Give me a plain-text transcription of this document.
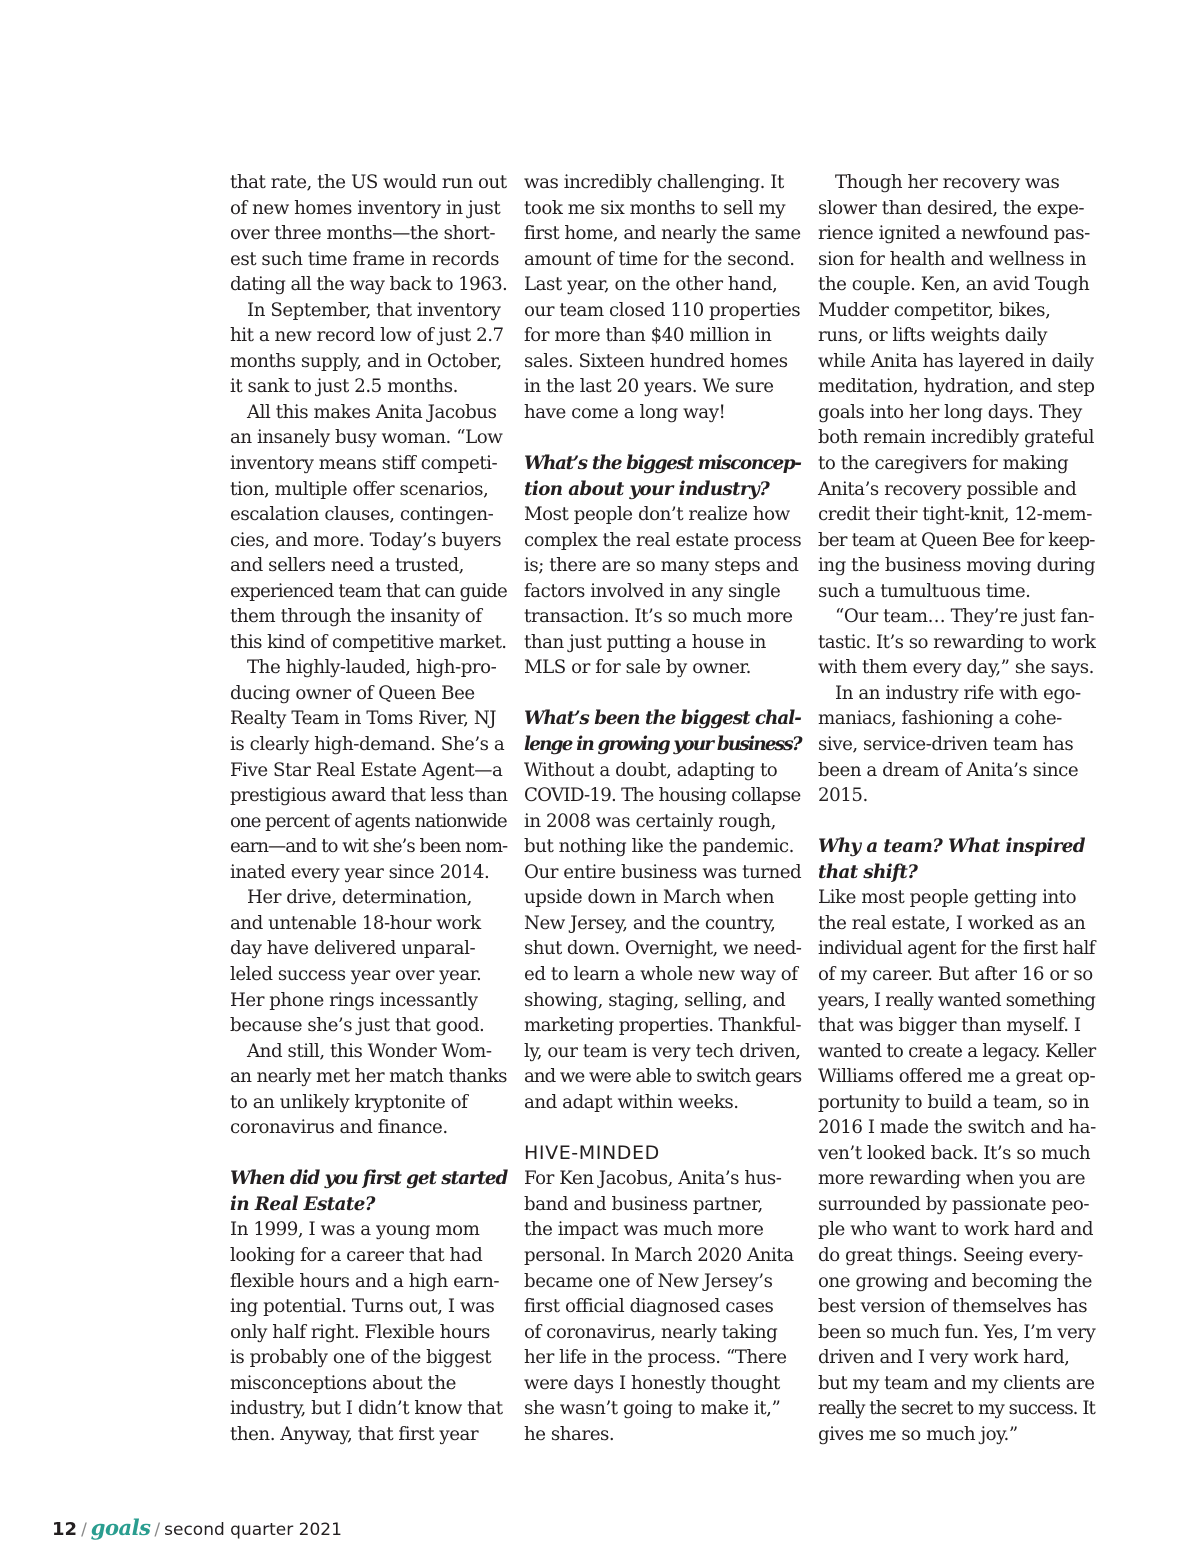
that rate, the US would run out
of new homes inventory in just
over three months—the short-
est such time frame in records
dating all the way back to 1963.
In September, that inventory
hit a new record low of just 2.7
months supply, and in October,
it sank to just 2.5 months.
All this makes Anita Jacobus
an insanely busy woman. “Low
inventory means stiff competi-
tion, multiple offer scenarios,
escalation clauses, contingen-
cies, and more. Today’s buyers
and sellers need a trusted,
experienced team that can guide
them through the insanity of
this kind of competitive market.
The highly-lauded, high-pro-
ducing owner of Queen Bee
Realty Team in Toms River, NJ
is clearly high-demand. She’s a
Five Star Real Estate Agent—a
prestigious award that less than
one percent of agents nationwide
earn—and to wit she’s been nom-
inated every year since 2014.
Her drive, determination,
and untenable 18-hour work
day have delivered unparal-
leled success year over year.
Her phone rings incessantly
because she’s just that good.
And still, this Wonder Wom-
an nearly met her match thanks
to an unlikely kryptonite of
coronavirus and finance.
When did you first get started
in Real Estate?
In 1999, I was a young mom
looking for a career that had
flexible hours and a high earn-
ing potential. Turns out, I was
only half right. Flexible hours
is probably one of the biggest
misconceptions about the
industry, but I didn’t know that
then. Anyway, that first year
was incredibly challenging. It
took me six months to sell my
first home, and nearly the same
amount of time for the second.
Last year, on the other hand,
our team closed 110 properties
for more than $40 million in
sales. Sixteen hundred homes
in the last 20 years. We sure
have come a long way!
What’s the biggest misconcep-
tion about your industry?
Most people don’t realize how
complex the real estate process
is; there are so many steps and
factors involved in any single
transaction. It’s so much more
than just putting a house in
MLS or for sale by owner.
What’s been the biggest chal-
lenge in growing your business?
Without a doubt, adapting to
COVID-19. The housing collapse
in 2008 was certainly rough,
but nothing like the pandemic.
Our entire business was turned
upside down in March when
New Jersey, and the country,
shut down. Overnight, we need-
ed to learn a whole new way of
showing, staging, selling, and
marketing properties. Thankful-
ly, our team is very tech driven,
and we were able to switch gears
and adapt within weeks.
HIVE-MINDED
For Ken Jacobus, Anita’s hus-
band and business partner,
the impact was much more
personal. In March 2020 Anita
became one of New Jersey’s
first official diagnosed cases
of coronavirus, nearly taking
her life in the process. “There
were days I honestly thought
she wasn’t going to make it,”
he shares.
Though her recovery was
slower than desired, the expe-
rience ignited a newfound pas-
sion for health and wellness in
the couple. Ken, an avid Tough
Mudder competitor, bikes,
runs, or lifts weights daily
while Anita has layered in daily
meditation, hydration, and step
goals into her long days. They
both remain incredibly grateful
to the caregivers for making
Anita’s recovery possible and
credit their tight-knit, 12-mem-
ber team at Queen Bee for keep-
ing the business moving during
such a tumultuous time.
“Our team… They’re just fan-
tastic. It’s so rewarding to work
with them every day,” she says.
In an industry rife with ego-
maniacs, fashioning a cohe-
sive, service-driven team has
been a dream of Anita’s since
2015.
Why a team? What inspired
that shift?
Like most people getting into
the real estate, I worked as an
individual agent for the first half
of my career. But after 16 or so
years, I really wanted something
that was bigger than myself. I
wanted to create a legacy. Keller
Williams offered me a great op-
portunity to build a team, so in
2016 I made the switch and ha-
ven’t looked back. It’s so much
more rewarding when you are
surrounded by passionate peo-
ple who want to work hard and
do great things. Seeing every-
one growing and becoming the
best version of themselves has
been so much fun. Yes, I’m very
driven and I very work hard,
but my team and my clients are
really the secret to my success. It
gives me so much joy.”
12 / goals / second quarter 2021
